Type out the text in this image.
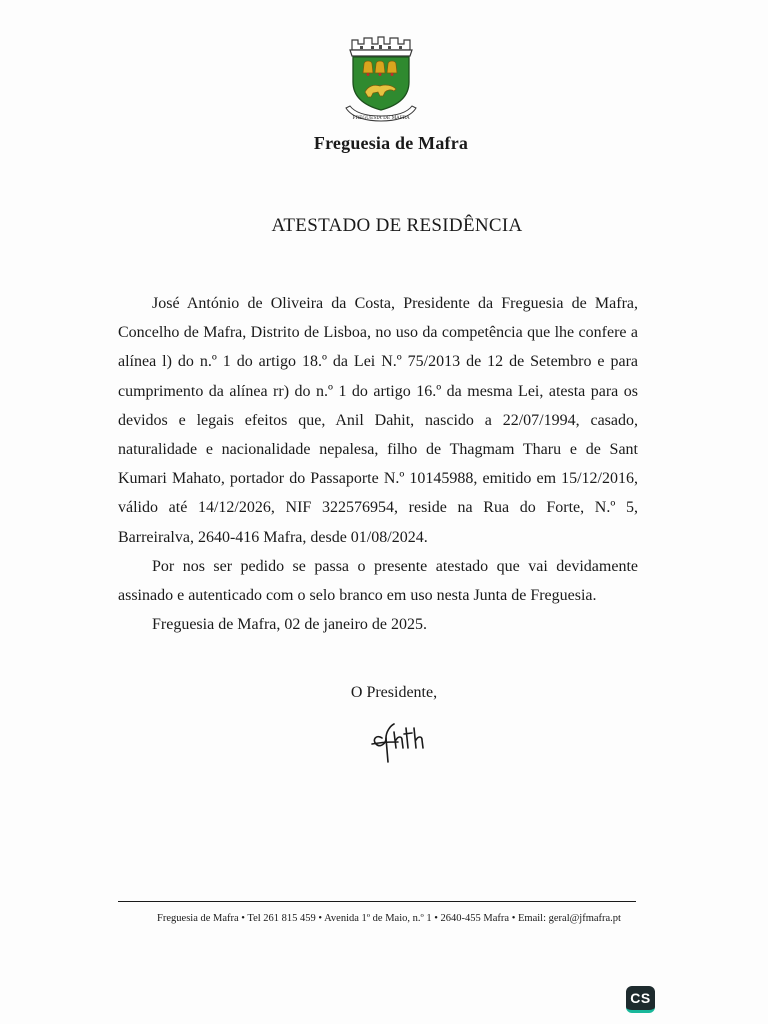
FREGUESIA DE MAFRA
Freguesia de Mafra
ATESTADO DE RESIDÊNCIA

José António de Oliveira da Costa, Presidente da Freguesia de Mafra, Concelho de Mafra, Distrito de Lisboa, no uso da competência que lhe confere a alínea l) do n.º 1 do artigo 18.º da Lei N.º 75/2013 de 12 de Setembro e para cumprimento da alínea rr) do n.º 1 do artigo 16.º da mesma Lei, atesta para os devidos e legais efeitos que, Anil Dahit, nascido a 22/07/1994, casado, naturalidade e nacionalidade nepalesa, filho de Thagmam Tharu e de Sant Kumari Mahato, portador do Passaporte N.º 10145988, emitido em 15/12/2016, válido até 14/12/2026, NIF 322576954, reside na Rua do Forte, N.º 5, Barreiralva, 2640-416 Mafra, desde 01/08/2024.

Por nos ser pedido se passa o presente atestado que vai devidamente assinado e autenticado com o selo branco em uso nesta Junta de Freguesia.

Freguesia de Mafra, 02 de janeiro de 2025.

O Presidente,
Freguesia de Mafra • Tel 261 815 459 • Avenida 1º de Maio, n.º 1 • 2640-455 Mafra • Email: geral@jfmafra.pt
CS
